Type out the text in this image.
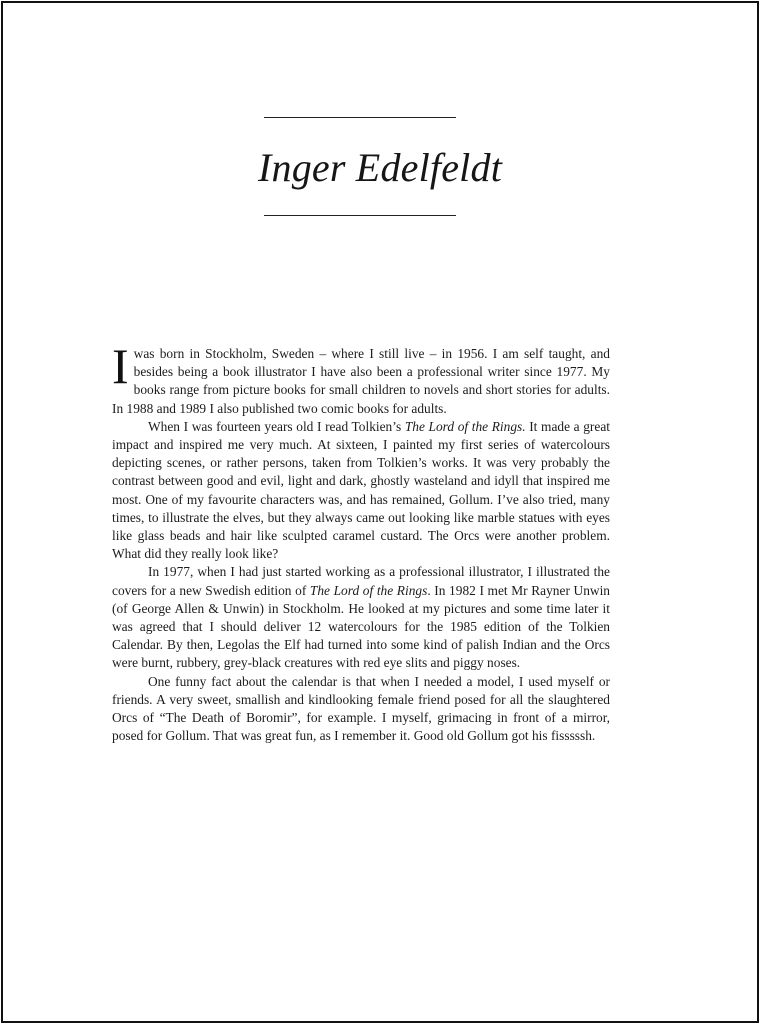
Inger Edelfeldt

I was born in Stockholm, Sweden – where I still live – in 1956. I am self taught, and besides being a book illustrator I have also been a professional writer since 1977. My books range from picture books for small children to novels and short stories for adults. In 1988 and 1989 I also published two comic books for adults.

When I was fourteen years old I read Tolkien’s The Lord of the Rings. It made a great impact and inspired me very much. At sixteen, I painted my first series of watercolours depicting scenes, or rather persons, taken from Tolkien’s works. It was very probably the contrast between good and evil, light and dark, ghostly wasteland and idyll that inspired me most. One of my favourite characters was, and has remained, Gollum. I’ve also tried, many times, to illustrate the elves, but they always came out looking like marble statues with eyes like glass beads and hair like sculpted caramel custard. The Orcs were another problem. What did they really look like?

In 1977, when I had just started working as a professional illustrator, I illustrated the covers for a new Swedish edition of The Lord of the Rings. In 1982 I met Mr Rayner Unwin (of George Allen & Unwin) in Stockholm. He looked at my pictures and some time later it was agreed that I should deliver 12 watercolours for the 1985 edition of the Tolkien Calendar. By then, Legolas the Elf had turned into some kind of palish Indian and the Orcs were burnt, rubbery, grey-black creatures with red eye slits and piggy noses.

One funny fact about the calendar is that when I needed a model, I used myself or friends. A very sweet, smallish and kindlooking female friend posed for all the slaughtered Orcs of “The Death of Boromir”, for example. I myself, grimacing in front of a mirror, posed for Gollum. That was great fun, as I remember it. Good old Gollum got his fisssssh.
